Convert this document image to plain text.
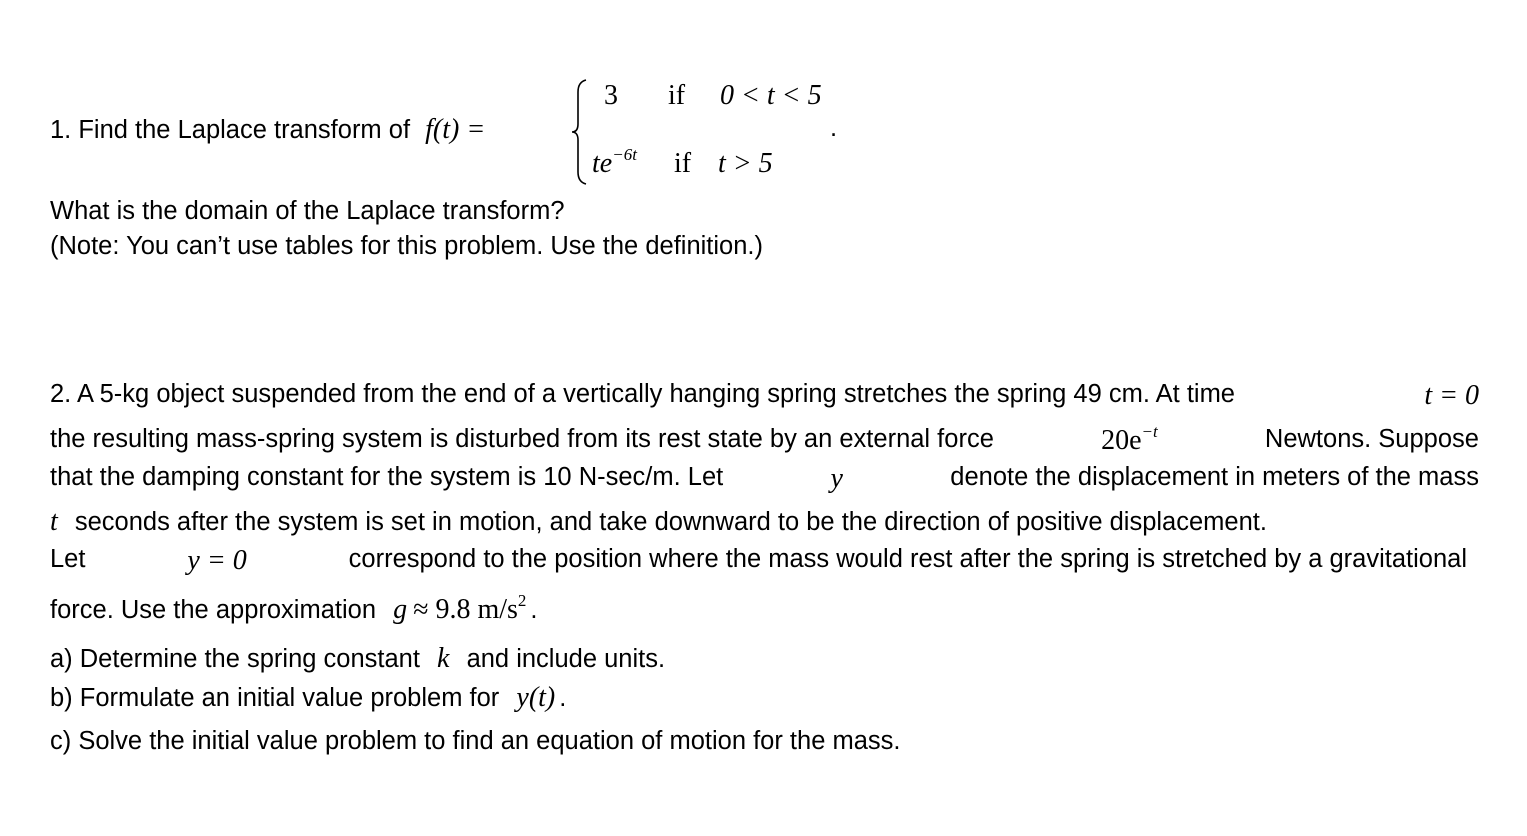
1. Find the Laplace transform of f(t) =
3 if 0 < t < 5
$te^{-6t}$ if t > 5
.
What is the domain of the Laplace transform?
(Note: You can’t use tables for this problem. Use the definition.)
2. A 5-kg object suspended from the end of a vertically hanging spring stretches the spring 49 cm. At time	t = 0
the resulting mass-spring system is disturbed from its rest state by an external force	$20e^{-t}$	Newtons. Suppose
that the damping constant for the system is 10 N-sec/m. Let	y	denote the displacement in meters of the mass
t seconds after the system is set in motion, and take downward to be the direction of positive displacement.
Let	y = 0	correspond to the position where the mass would rest after the spring is stretched by a gravitational
force. Use the approximation g ≈ 9.8 $m/s^2$ .
a) Determine the spring constant k and include units.
b) Formulate an initial value problem for y(t) .
c) Solve the initial value problem to find an equation of motion for the mass.
